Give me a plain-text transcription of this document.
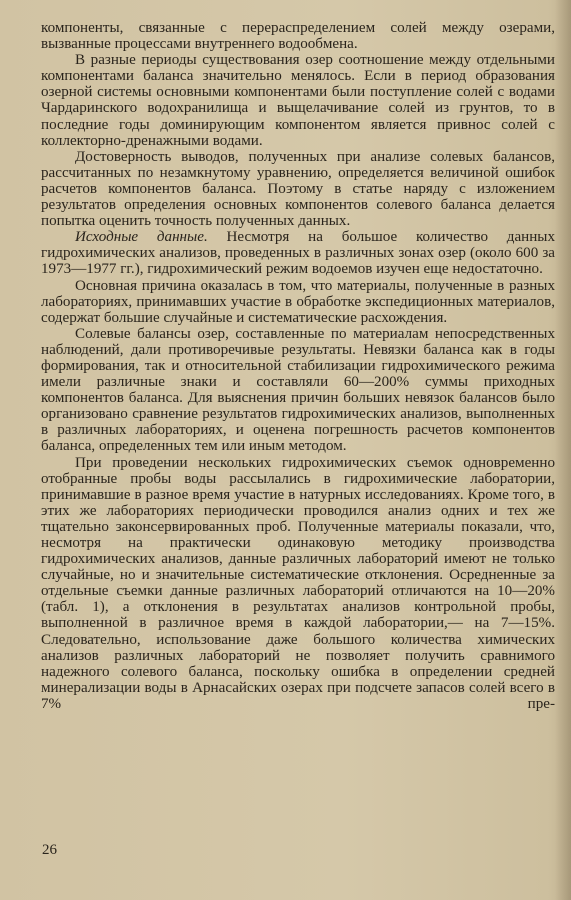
компоненты, связанные с перераспределением солей между озерами, вызванные процессами внутреннего водообмена.

В разные периоды существования озер соотношение между отдельными компонентами баланса значительно менялось. Если в период образования озерной системы основными компонентами были поступление солей с водами Чардаринского водохранилища и выщелачивание солей из грунтов, то в последние годы доминирующим компонентом является привнос солей с коллекторно-дренажными водами.

Достоверность выводов, полученных при анализе солевых балансов, рассчитанных по незамкнутому уравнению, определяется величиной ошибок расчетов компонентов баланса. Поэтому в статье наряду с изложением результатов определения основных компонентов солевого баланса делается попытка оценить точность полученных данных.

Исходные данные. Несмотря на большое количество данных гидрохимических анализов, проведенных в различных зонах озер (около 600 за 1973—1977 гг.), гидрохимический режим водоемов изучен еще недостаточно.

Основная причина оказалась в том, что материалы, полученные в разных лабораториях, принимавших участие в обработке экспедиционных материалов, содержат большие случайные и систематические расхождения.

Солевые балансы озер, составленные по материалам непосредственных наблюдений, дали противоречивые результаты. Невязки баланса как в годы формирования, так и относительной стабилизации гидрохимического режима имели различные знаки и составляли 60—200% суммы приходных компонентов баланса. Для выяснения причин больших невязок балансов было организовано сравнение результатов гидрохимических анализов, выполненных в различных лабораториях, и оценена погрешность расчетов компонентов баланса, определенных тем или иным методом.

При проведении нескольких гидрохимических съемок одновременно отобранные пробы воды рассылались в гидрохимические лаборатории, принимавшие в разное время участие в натурных исследованиях. Кроме того, в этих же лабораториях периодически проводился анализ одних и тех же тщательно законсервированных проб. Полученные материалы показали, что, несмотря на практически одинаковую методику производства гидрохимических анализов, данные различных лабораторий имеют не только случайные, но и значительные систематические отклонения. Осредненные за отдельные съемки данные различных лабораторий отличаются на 10—20% (табл. 1), а отклонения в результатах анализов контрольной пробы, выполненной в различное время в каждой лаборатории,— на 7—15%. Следовательно, использование даже большого количества химических анализов различных лабораторий не позволяет получить сравнимого надежного солевого баланса, поскольку ошибка в определении средней минерализации воды в Арнасайских озерах при подсчете запасов солей всего в 7% пре-

26
